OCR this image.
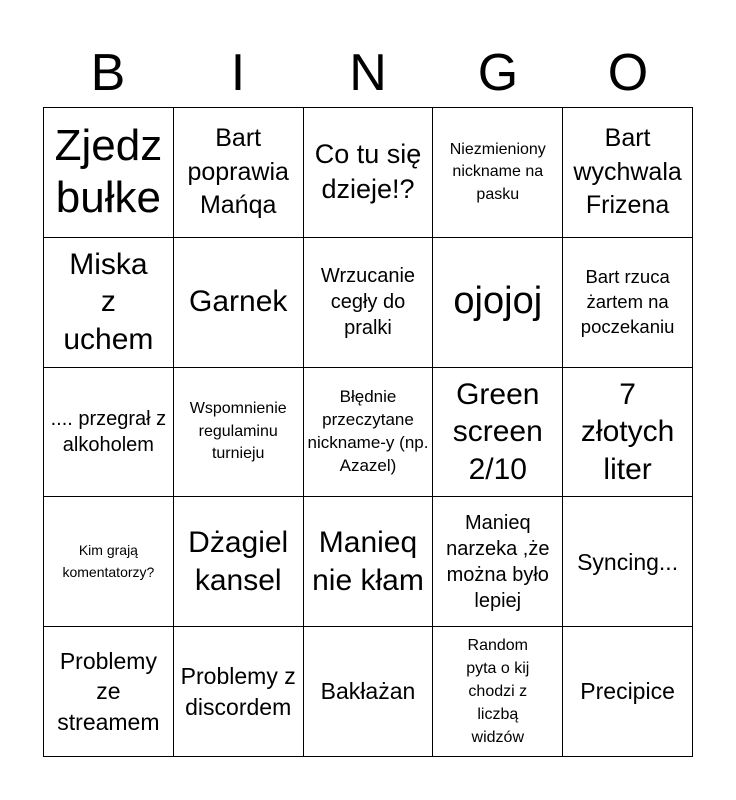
B	I	N	G	O
Zjedz bułke
Bart poprawia Mańqa
Co tu się dzieje!?
Niezmieniony nickname na pasku
Bart wychwala Frizena
Miska z uchem
Garnek
Wrzucanie cegły do pralki
ojojoj
Bart rzuca żartem na poczekaniu
.... przegrał z alkoholem
Wspomnienie regulaminu turnieju
Błędnie przeczytane nickname-y (np. Azazel)
Green screen 2/10
7 złotych liter
Kim grają komentatorzy?
Dżagiel kansel
Manieq nie kłam
Manieq narzeka ,że można było lepiej
Syncing...
Problemy ze streamem
Problemy z discordem
Bakłażan
Random pyta o kij chodzi z liczbą widzów
Precipice
